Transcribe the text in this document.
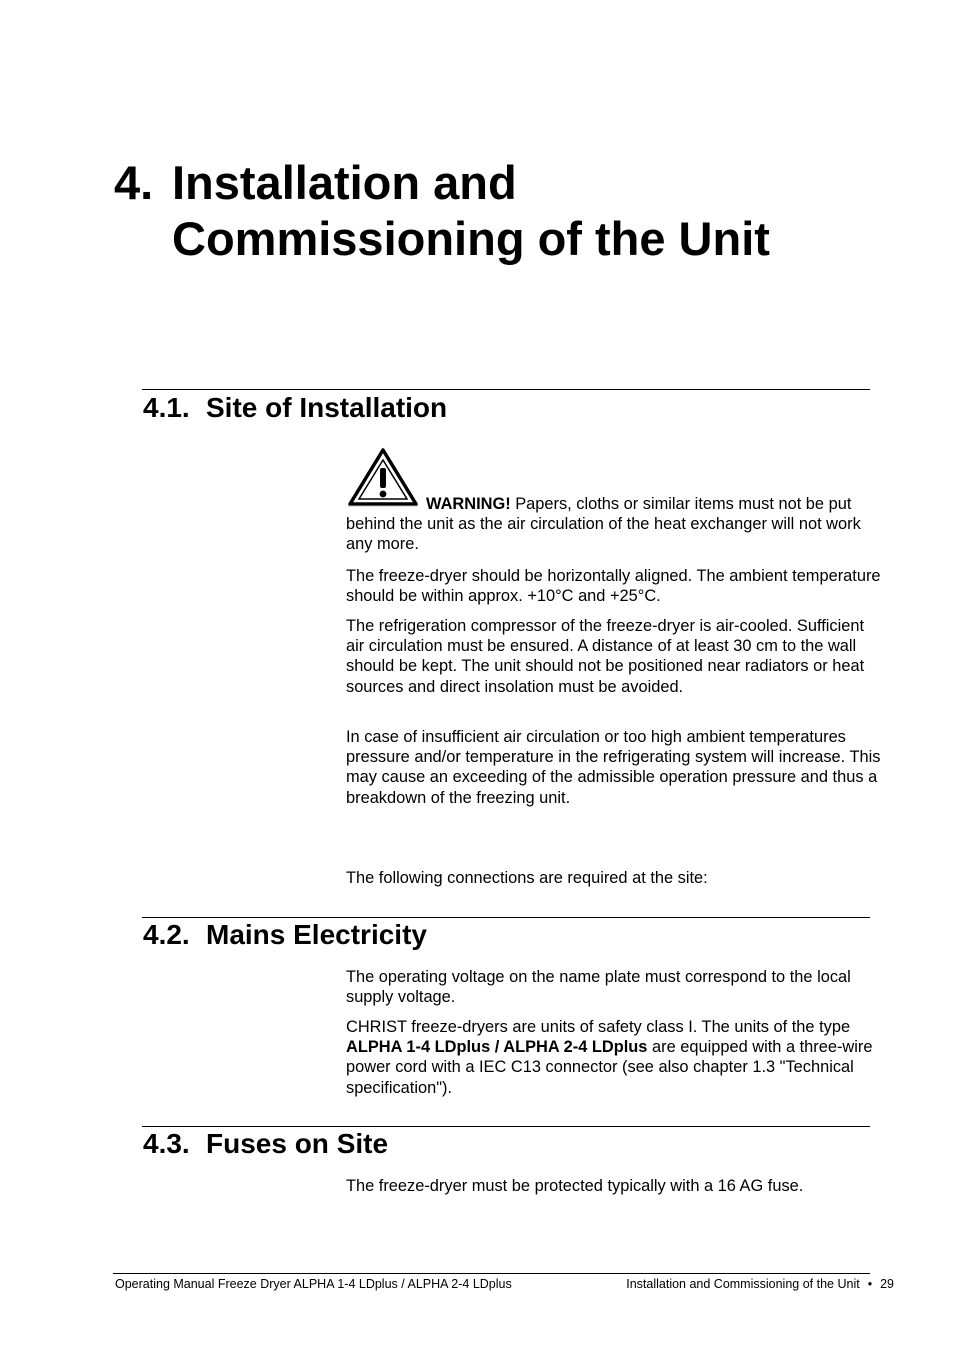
4. Installation and
Commissioning of the Unit
4.1. Site of Installation

WARNING! Papers, cloths or similar items must not be put behind the unit as the air circulation of the heat exchanger will not work any more.

The freeze-dryer should be horizontally aligned. The ambient temperature should be within approx. +10°C and +25°C.

The refrigeration compressor of the freeze-dryer is air-cooled. Sufficient air circulation must be ensured. A distance of at least 30 cm to the wall should be kept. The unit should not be positioned near radiators or heat sources and direct insolation must be avoided.

In case of insufficient air circulation or too high ambient temperatures pressure and/or temperature in the refrigerating system will increase. This may cause an exceeding of the admissible operation pressure and thus a breakdown of the freezing unit.

The following connections are required at the site:

4.2. Mains Electricity

The operating voltage on the name plate must correspond to the local supply voltage.

CHRIST freeze-dryers are units of safety class I. The units of the type ALPHA 1-4 LDplus / ALPHA 2-4 LDplus are equipped with a three-wire power cord with a IEC C13 connector (see also chapter 1.3 "Technical specification").

4.3. Fuses on Site

The freeze-dryer must be protected typically with a 16 AG fuse.

Operating Manual Freeze Dryer ALPHA 1-4 LDplus / ALPHA 2-4 LDplus	Installation and Commissioning of the Unit • 29
